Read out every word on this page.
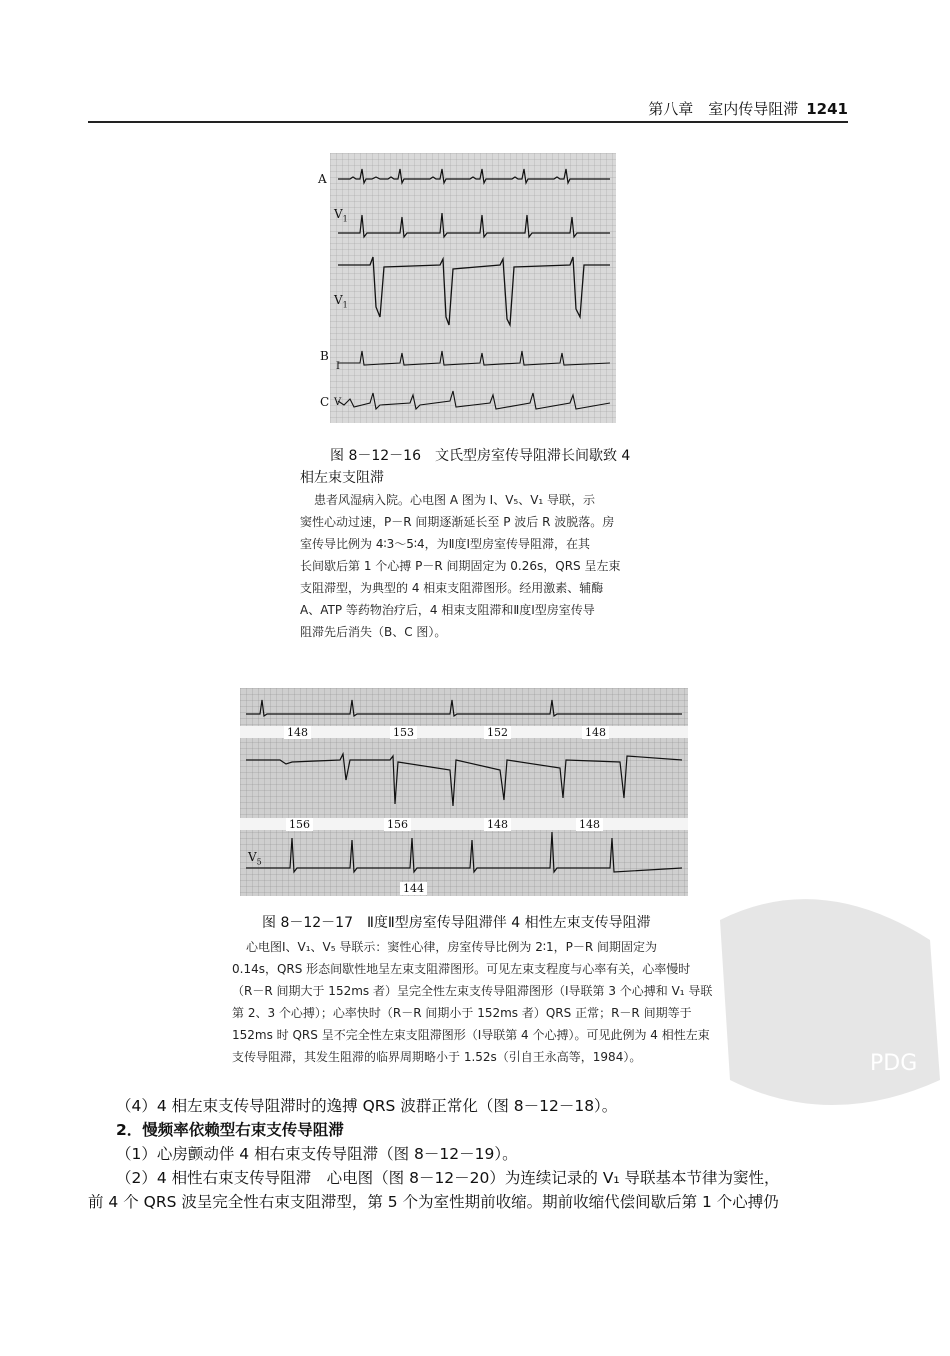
第八章　室内传导阻滞 1241
A
$V_1$
$V_1$
B
I
C V
图 8－12－16　文氏型房室传导阻滞长间歇致 4
相左束支阻滞
患者风湿病入院。心电图 A 图为 Ⅰ、V₅、V₁ 导联，示
窦性心动过速，P－R 间期逐渐延长至 P 波后 R 波脱落。房
室传导比例为 4∶3～5∶4，为Ⅱ度Ⅰ型房室传导阻滞，在其
长间歇后第 1 个心搏 P－R 间期固定为 0.26s，QRS 呈左束
支阻滞型，为典型的 4 相束支阻滞图形。经用激素、辅酶
A、ATP 等药物治疗后，4 相束支阻滞和Ⅱ度Ⅰ型房室传导
阻滞先后消失（B、C 图）。
148	153	152	148
156	156	148	148
144
$V_5$
图 8－12－17　Ⅱ度Ⅱ型房室传导阻滞伴 4 相性左束支传导阻滞
心电图Ⅰ、V₁、V₅ 导联示：窦性心律，房室传导比例为 2∶1，P－R 间期固定为
0.14s，QRS 形态间歇性地呈左束支阻滞图形。可见左束支程度与心率有关，心率慢时
（R－R 间期大于 152ms 者）呈完全性左束支传导阻滞图形（Ⅰ导联第 3 个心搏和 V₁ 导联
第 2、3 个心搏）；心率快时（R－R 间期小于 152ms 者）QRS 正常；R－R 间期等于
152ms 时 QRS 呈不完全性左束支阻滞图形（Ⅰ导联第 4 个心搏）。可见此例为 4 相性左束
支传导阻滞，其发生阻滞的临界周期略小于 1.52s（引自王永高等，1984）。
（4）4 相左束支传导阻滞时的逸搏 QRS 波群正常化（图 8－12－18）。
2．慢频率依赖型右束支传导阻滞
（1）心房颤动伴 4 相右束支传导阻滞（图 8－12－19）。
（2）4 相性右束支传导阻滞　心电图（图 8－12－20）为连续记录的 V₁ 导联基本节律为窦性，
前 4 个 QRS 波呈完全性右束支阻滞型，第 5 个为室性期前收缩。期前收缩代偿间歇后第 1 个心搏仍
PDG
